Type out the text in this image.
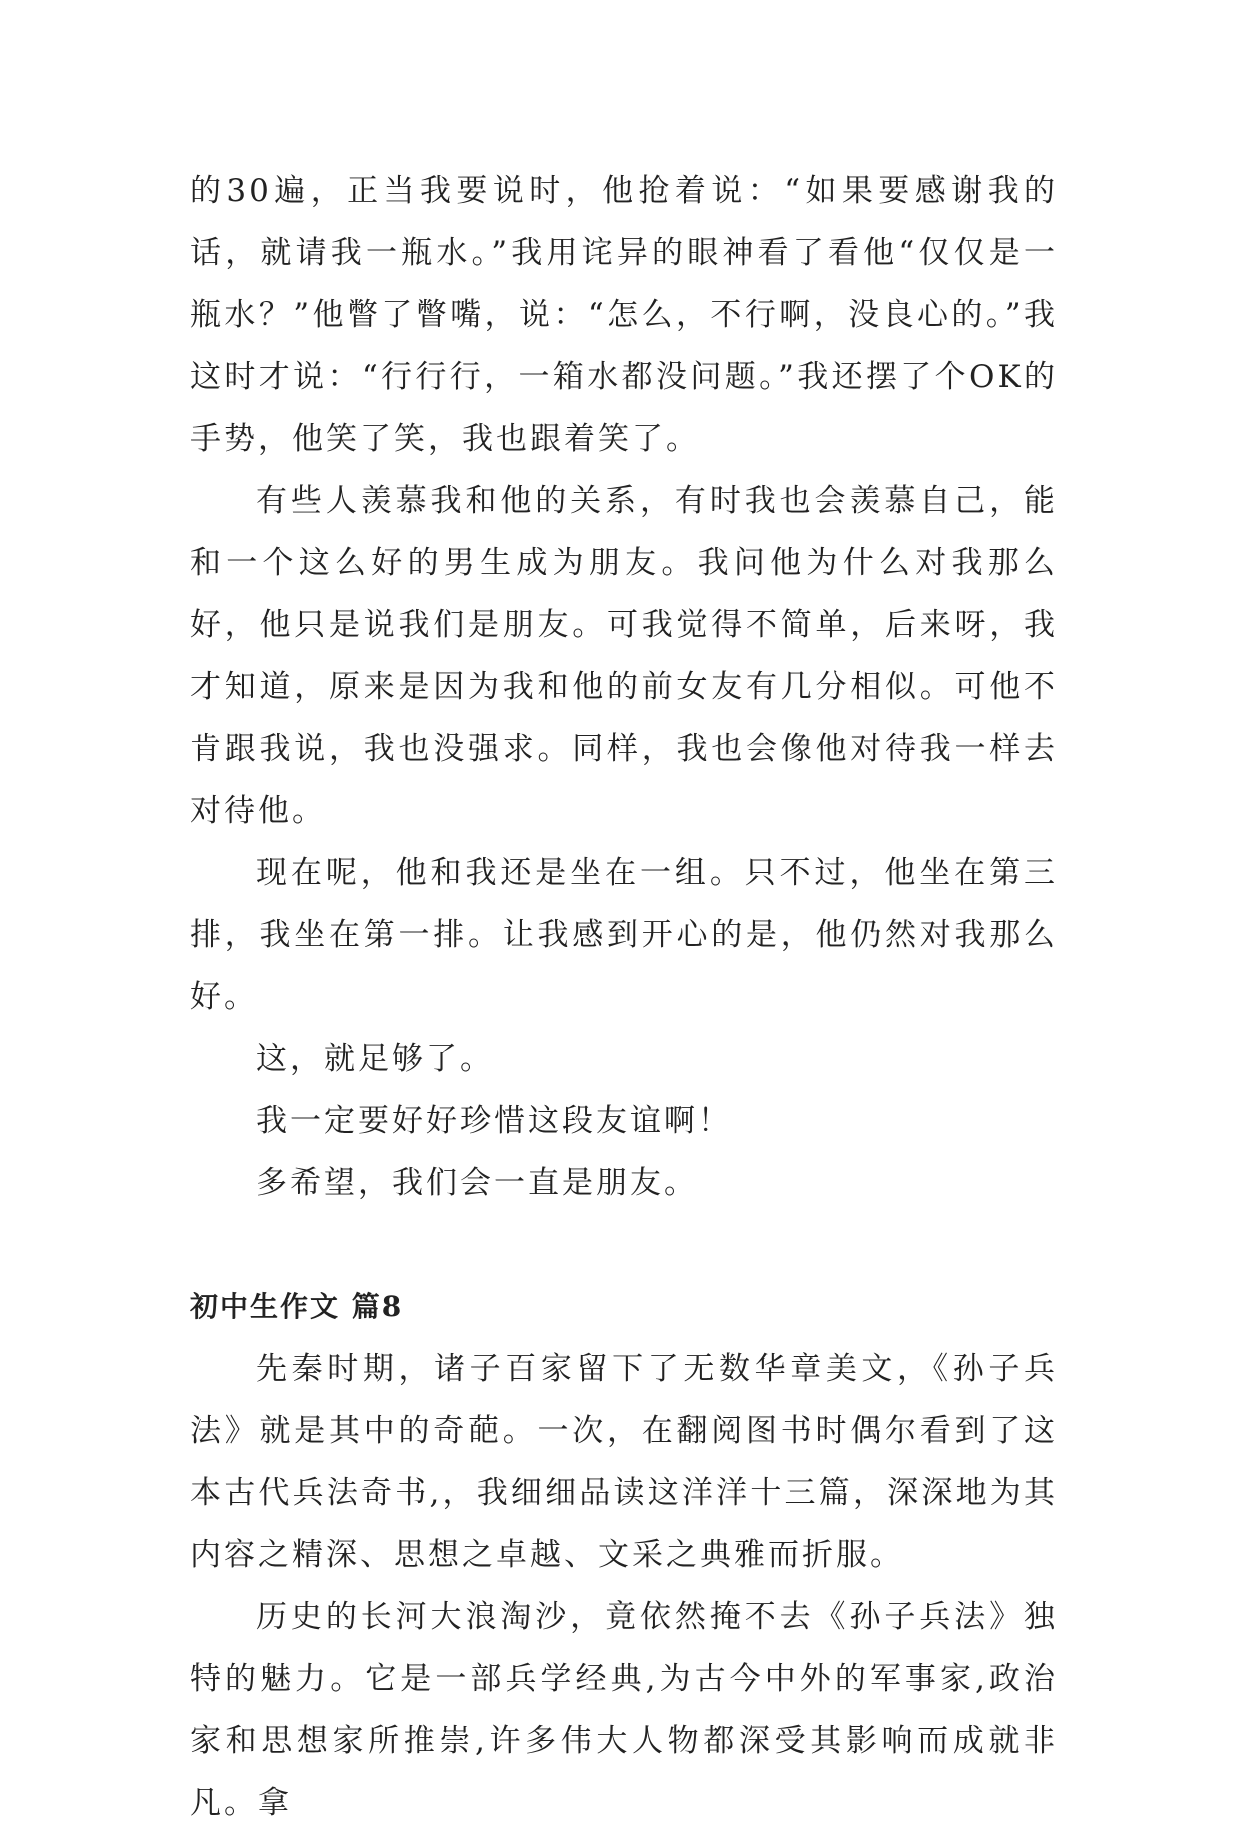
的30遍，正当我要说时，他抢着说：“如果要感谢我的话，就请我一瓶水。”我用诧异的眼神看了看他“仅仅是一瓶水？”他瞥了瞥嘴，说：“怎么，不行啊，没良心的。”我这时才说：“行行行，一箱水都没问题。”我还摆了个OK的手势，他笑了笑，我也跟着笑了。

有些人羡慕我和他的关系，有时我也会羡慕自己，能和一个这么好的男生成为朋友。我问他为什么对我那么好，他只是说我们是朋友。可我觉得不简单，后来呀，我才知道，原来是因为我和他的前女友有几分相似。可他不肯跟我说，我也没强求。同样，我也会像他对待我一样去对待他。

现在呢，他和我还是坐在一组。只不过，他坐在第三排，我坐在第一排。让我感到开心的是，他仍然对我那么好。

这，就足够了。

我一定要好好珍惜这段友谊啊！

多希望，我们会一直是朋友。

初中生作文 篇8

先秦时期，诸子百家留下了无数华章美文，《孙子兵法》就是其中的奇葩。一次，在翻阅图书时偶尔看到了这本古代兵法奇书,，我细细品读这洋洋十三篇，深深地为其内容之精深、思想之卓越、文采之典雅而折服。

历史的长河大浪淘沙，竟依然掩不去《孙子兵法》独特的魅力。它是一部兵学经典,为古今中外的军事家,政治家和思想家所推崇,许多伟大人物都深受其影响而成就非凡。拿
